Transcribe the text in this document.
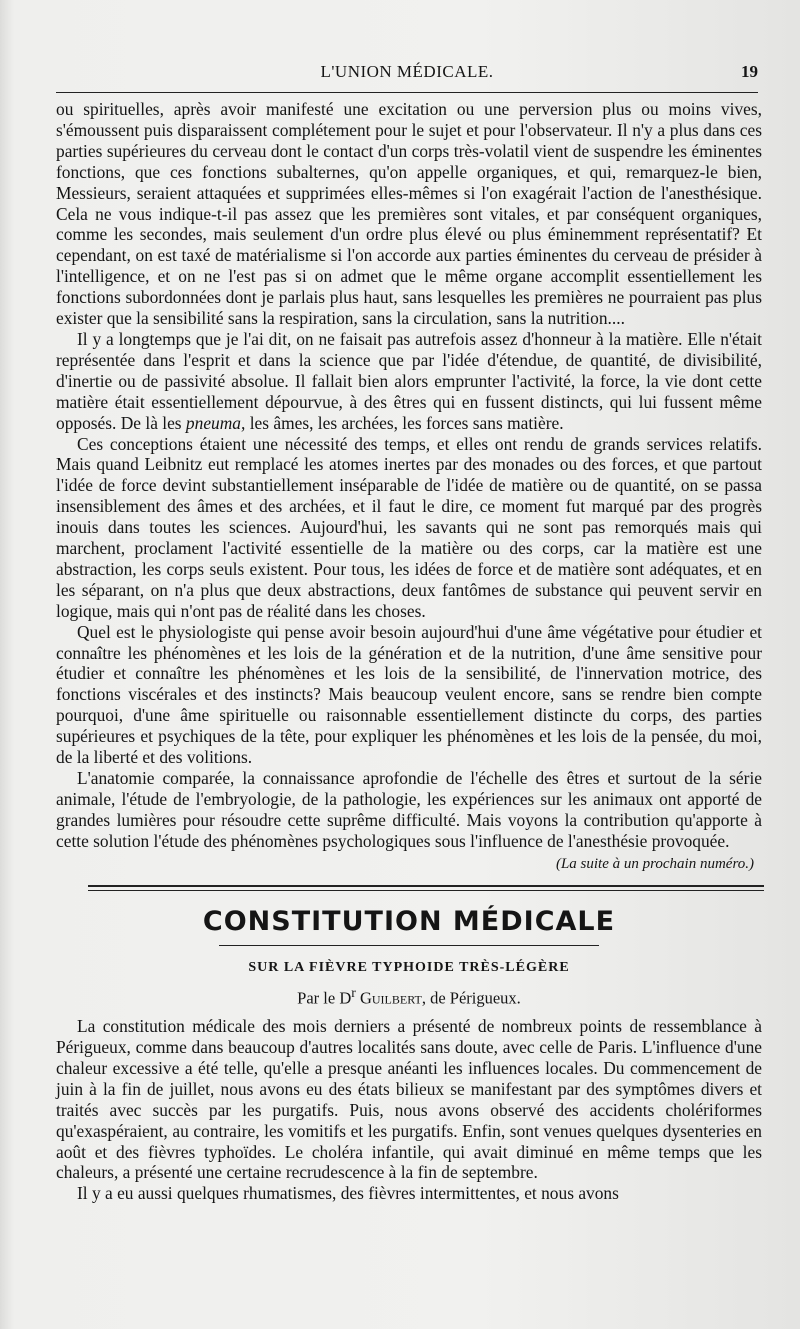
L'UNION MÉDICALE.	19

ou spirituelles, après avoir manifesté une excitation ou une perversion plus ou moins vives, s'émoussent puis disparaissent complétement pour le sujet et pour l'observateur. Il n'y a plus dans ces parties supérieures du cerveau dont le contact d'un corps très-volatil vient de suspendre les éminentes fonctions, que ces fonctions subalternes, qu'on appelle organiques, et qui, remarquez-le bien, Messieurs, seraient attaquées et supprimées elles-mêmes si l'on exagérait l'action de l'anesthésique. Cela ne vous indique-t-il pas assez que les premières sont vitales, et par conséquent organiques, comme les secondes, mais seulement d'un ordre plus élevé ou plus éminemment représentatif? Et cependant, on est taxé de matérialisme si l'on accorde aux parties éminentes du cerveau de présider à l'intelligence, et on ne l'est pas si on admet que le même organe accomplit essentiellement les fonctions subordonnées dont je parlais plus haut, sans lesquelles les premières ne pourraient pas plus exister que la sensibilité sans la respiration, sans la circulation, sans la nutrition....

Il y a longtemps que je l'ai dit, on ne faisait pas autrefois assez d'honneur à la matière. Elle n'était représentée dans l'esprit et dans la science que par l'idée d'étendue, de quantité, de divisibilité, d'inertie ou de passivité absolue. Il fallait bien alors emprunter l'activité, la force, la vie dont cette matière était essentiellement dépourvue, à des êtres qui en fussent distincts, qui lui fussent même opposés. De là les pneuma, les âmes, les archées, les forces sans matière.

Ces conceptions étaient une nécessité des temps, et elles ont rendu de grands services relatifs. Mais quand Leibnitz eut remplacé les atomes inertes par des monades ou des forces, et que partout l'idée de force devint substantiellement inséparable de l'idée de matière ou de quantité, on se passa insensiblement des âmes et des archées, et il faut le dire, ce moment fut marqué par des progrès inouis dans toutes les sciences. Aujourd'hui, les savants qui ne sont pas remorqués mais qui marchent, proclament l'activité essentielle de la matière ou des corps, car la matière est une abstraction, les corps seuls existent. Pour tous, les idées de force et de matière sont adéquates, et en les séparant, on n'a plus que deux abstractions, deux fantômes de substance qui peuvent servir en logique, mais qui n'ont pas de réalité dans les choses.

Quel est le physiologiste qui pense avoir besoin aujourd'hui d'une âme végétative pour étudier et connaître les phénomènes et les lois de la génération et de la nutrition, d'une âme sensitive pour étudier et connaître les phénomènes et les lois de la sensibilité, de l'innervation motrice, des fonctions viscérales et des instincts? Mais beaucoup veulent encore, sans se rendre bien compte pourquoi, d'une âme spirituelle ou raisonnable essentiellement distincte du corps, des parties supérieures et psychiques de la tête, pour expliquer les phénomènes et les lois de la pensée, du moi, de la liberté et des volitions.

L'anatomie comparée, la connaissance aprofondie de l'échelle des êtres et surtout de la série animale, l'étude de l'embryologie, de la pathologie, les expériences sur les animaux ont apporté de grandes lumières pour résoudre cette suprême difficulté. Mais voyons la contribution qu'apporte à cette solution l'étude des phénomènes psychologiques sous l'influence de l'anesthésie provoquée.

(La suite à un prochain numéro.)

CONSTITUTION MÉDICALE
SUR LA FIÈVRE TYPHOIDE TRÈS-LÉGÈRE
Par le $D^r$ Guilbert, de Périgueux.

La constitution médicale des mois derniers a présenté de nombreux points de ressemblance à Périgueux, comme dans beaucoup d'autres localités sans doute, avec celle de Paris. L'influence d'une chaleur excessive a été telle, qu'elle a presque anéanti les influences locales. Du commencement de juin à la fin de juillet, nous avons eu des états bilieux se manifestant par des symptômes divers et traités avec succès par les purgatifs. Puis, nous avons observé des accidents cholériformes qu'exaspéraient, au contraire, les vomitifs et les purgatifs. Enfin, sont venues quelques dysenteries en août et des fièvres typhoïdes. Le choléra infantile, qui avait diminué en même temps que les chaleurs, a présenté une certaine recrudescence à la fin de septembre.

Il y a eu aussi quelques rhumatismes, des fièvres intermittentes, et nous avons
